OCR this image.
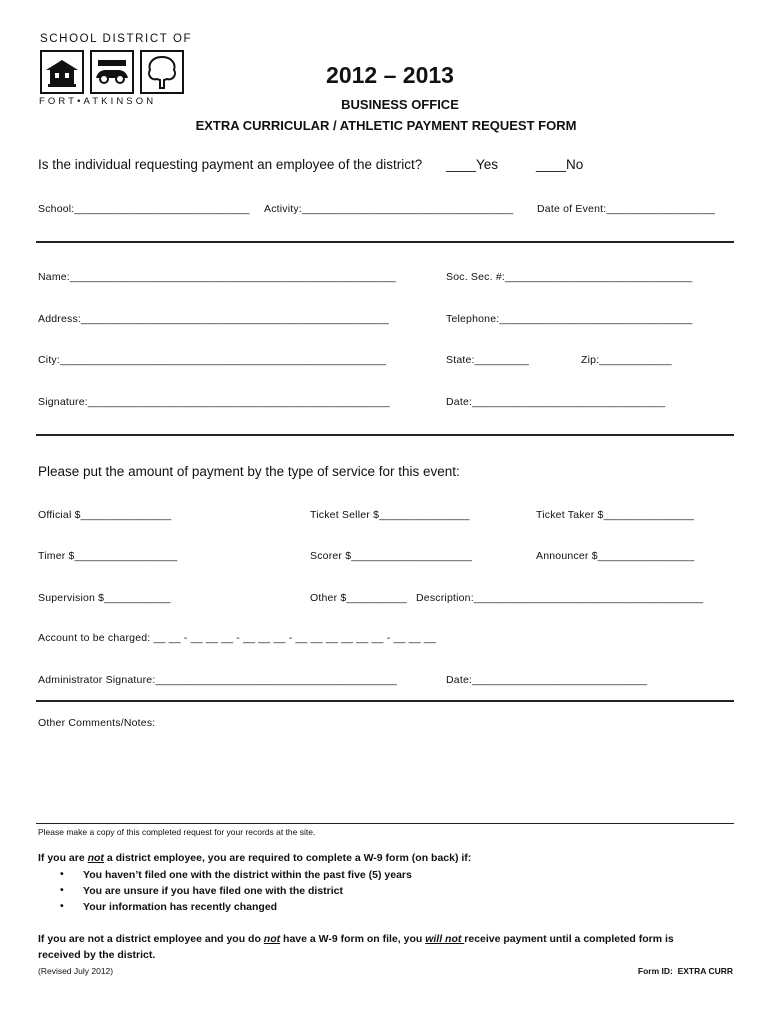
SCHOOL DISTRICT OF
FORT•ATKINSON
2012 – 2013
BUSINESS OFFICE
EXTRA CURRICULAR / ATHLETIC PAYMENT REQUEST FORM
Is the individual requesting payment an employee of the district? ____Yes	____No
School:_____________________________ Activity:___________________________________ Date of Event:__________________
Name:______________________________________________________	Soc. Sec. #:_______________________________
Address:___________________________________________________	Telephone:________________________________
City:______________________________________________________	State:_________	Zip:____________
Signature:__________________________________________________	Date:________________________________
Please put the amount of payment by the type of service for this event:
Official $_______________	Ticket Seller $_______________	Ticket Taker $_______________
Timer $_________________	Scorer $____________________	Announcer $________________
Supervision $___________	Other $__________ Description:______________________________________
Account to be charged: __ __ - __ __ __ - __ __ __ - __ __ __ __ __ __ - __ __ __
Administrator Signature:________________________________________	Date:_____________________________
Other Comments/Notes:
Please make a copy of this completed request for your records at the site.
If you are not a district employee, you are required to complete a W-9 form (on back) if:
• You haven’t filed one with the district within the past five (5) years
• You are unsure if you have filed one with the district
• Your information has recently changed
If you are not a district employee and you do not have a W-9 form on file, you will not receive payment until a completed form is
received by the district.
(Revised July 2012)	Form ID:  EXTRA CURR
